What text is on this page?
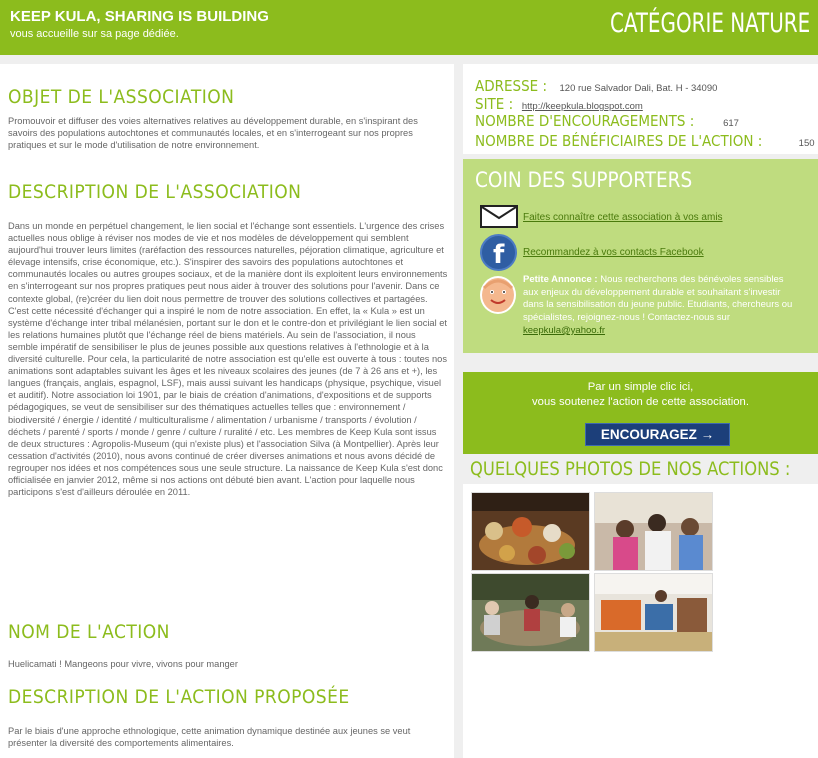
KEEP KULA, SHARING IS BUILDING
vous accueille sur sa page dédiée.	CATÉGORIE NATURE
OBJET DE L'ASSOCIATION
Promouvoir et diffuser des voies alternatives relatives au développement durable, en s'inspirant des savoirs des populations autochtones et communautés locales, et en s'interrogeant sur nos propres pratiques et sur le mode d'utilisation de notre environnement.
DESCRIPTION DE L'ASSOCIATION
Dans un monde en perpétuel changement, le lien social et l'échange sont essentiels. L'urgence des crises actuelles nous oblige à réviser nos modes de vie et nos modèles de développement qui semblent aujourd'hui trouver leurs limites (raréfaction des ressources naturelles, péjoration climatique, agriculture et élevage intensifs, crise économique, etc.). S'inspirer des savoirs des populations autochtones et communautés locales ou autres groupes sociaux, et de la manière dont ils exploitent leurs environnements en s'interrogeant sur nos propres pratiques peut nous aider à trouver des solutions pour l'avenir. Dans ce contexte global, (re)créer du lien doit nous permettre de trouver des solutions collectives et partagées. C'est cette nécessité d'échanger qui a inspiré le nom de notre association. En effet, la « Kula » est un système d'échange inter tribal mélanésien, portant sur le don et le contre-don et privilégiant le lien social et les relations humaines plutôt que l'échange réel de biens matériels. Au sein de l'association, il nous semble impératif de sensibiliser le plus de jeunes possible aux questions relatives à l'ethnologie et à la diversité culturelle. Pour cela, la particularité de notre association est qu'elle est ouverte à tous : toutes nos animations sont adaptables suivant les âges et les niveaux scolaires des jeunes (de 7 à 26 ans et +), les langues (français, anglais, espagnol, LSF), mais aussi suivant les handicaps (physique, psychique, visuel et auditif). Notre association loi 1901, par le biais de création d'animations, d'expositions et de supports pédagogiques, se veut de sensibiliser sur des thématiques actuelles telles que : environnement / biodiversité / énergie / identité / multiculturalisme / alimentation / urbanisme / transports / évolution / déchets / parenté / sports / monde / genre / culture / ruralité / etc. Les membres de Keep Kula sont issus de deux structures : Agropolis-Museum (qui n'existe plus) et l'association Silva (à Montpellier). Après leur cessation d'activités (2010), nous avons continué de créer diverses animations et nous avons décidé de regrouper nos idées et nos compétences sous une seule structure. La naissance de Keep Kula s'est donc officialisée en janvier 2012, même si nos actions ont débuté bien avant. L'action pour laquelle nous participons s'est d'ailleurs déroulée en 2011.
NOM DE L'ACTION
Huelicamati ! Mangeons pour vivre, vivons pour manger
DESCRIPTION DE L'ACTION PROPOSÉE
Par le biais d'une approche ethnologique, cette animation dynamique destinée aux jeunes se veut présenter la diversité des comportements alimentaires.
ADRESSE : 120 rue Salvador Dali, Bat. H - 34090
SITE : http://keepkula.blogspot.com
NOMBRE D'ENCOURAGEMENTS :	617
NOMBRE DE BÉNÉFICIAIRES DE L'ACTION :	150
COIN DES SUPPORTERS
Faites connaître cette association à vos amis
f Recommandez à vos contacts Facebook
Petite Annonce : Nous recherchons des bénévoles sensibles aux enjeux du développement durable et souhaitant s'investir dans la sensibilisation du jeune public. Etudiants, chercheurs ou spécialistes, rejoignez-nous ! Contactez-nous sur keepkula@yahoo.fr
Par un simple clic ici,
vous soutenez l'action de cette association.
ENCOURAGEZ →
QUELQUES PHOTOS DE NOS ACTIONS :
